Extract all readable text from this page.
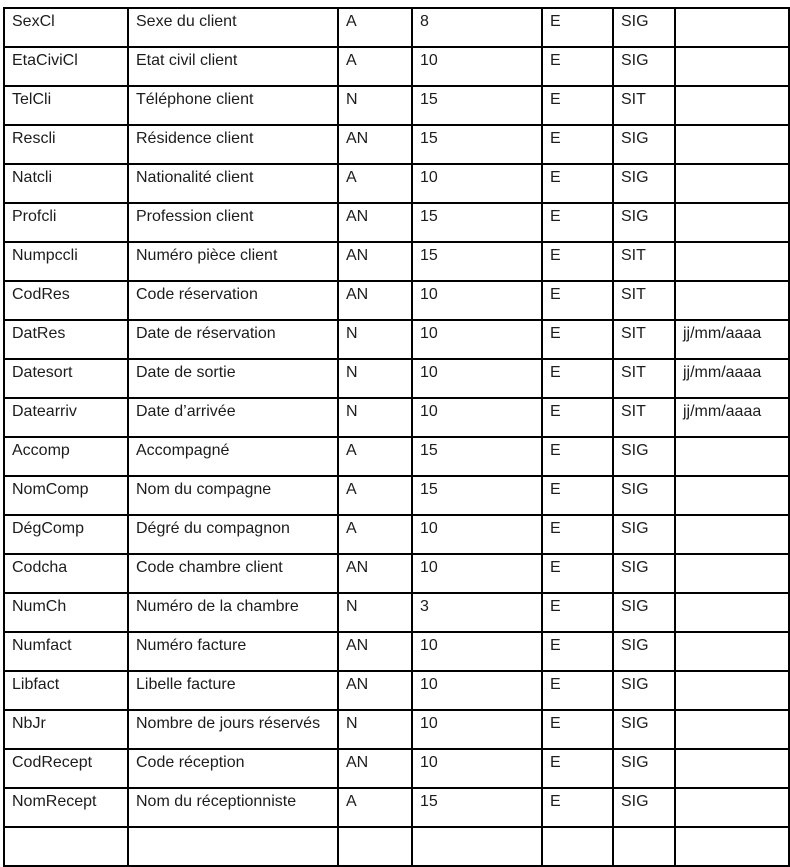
SexCl	Sexe du client	A	8	E	SIG	
EtaCiviCl	Etat civil client	A	10	E	SIG	
TelCli	Téléphone client	N	15	E	SIT	
Rescli	Résidence client	AN	15	E	SIG	
Natcli	Nationalité client	A	10	E	SIG	
Profcli	Profession client	AN	15	E	SIG	
Numpccli	Numéro pièce client	AN	15	E	SIT	
CodRes	Code réservation	AN	10	E	SIT	
DatRes	Date de réservation	N	10	E	SIT	jj/mm/aaaa
Datesort	Date de sortie	N	10	E	SIT	jj/mm/aaaa
Datearriv	Date d’arrivée	N	10	E	SIT	jj/mm/aaaa
Accomp	Accompagné	A	15	E	SIG	
NomComp	Nom du compagne	A	15	E	SIG	
DégComp	Dégré du compagnon	A	10	E	SIG	
Codcha	Code chambre client	AN	10	E	SIG	
NumCh	Numéro de la chambre	N	3	E	SIG	
Numfact	Numéro facture	AN	10	E	SIG	
Libfact	Libelle facture	AN	10	E	SIG	
NbJr	Nombre de jours réservés	N	10	E	SIG	
CodRecept	Code réception	AN	10	E	SIG	
NomRecept	Nom du réceptionniste	A	15	E	SIG	
